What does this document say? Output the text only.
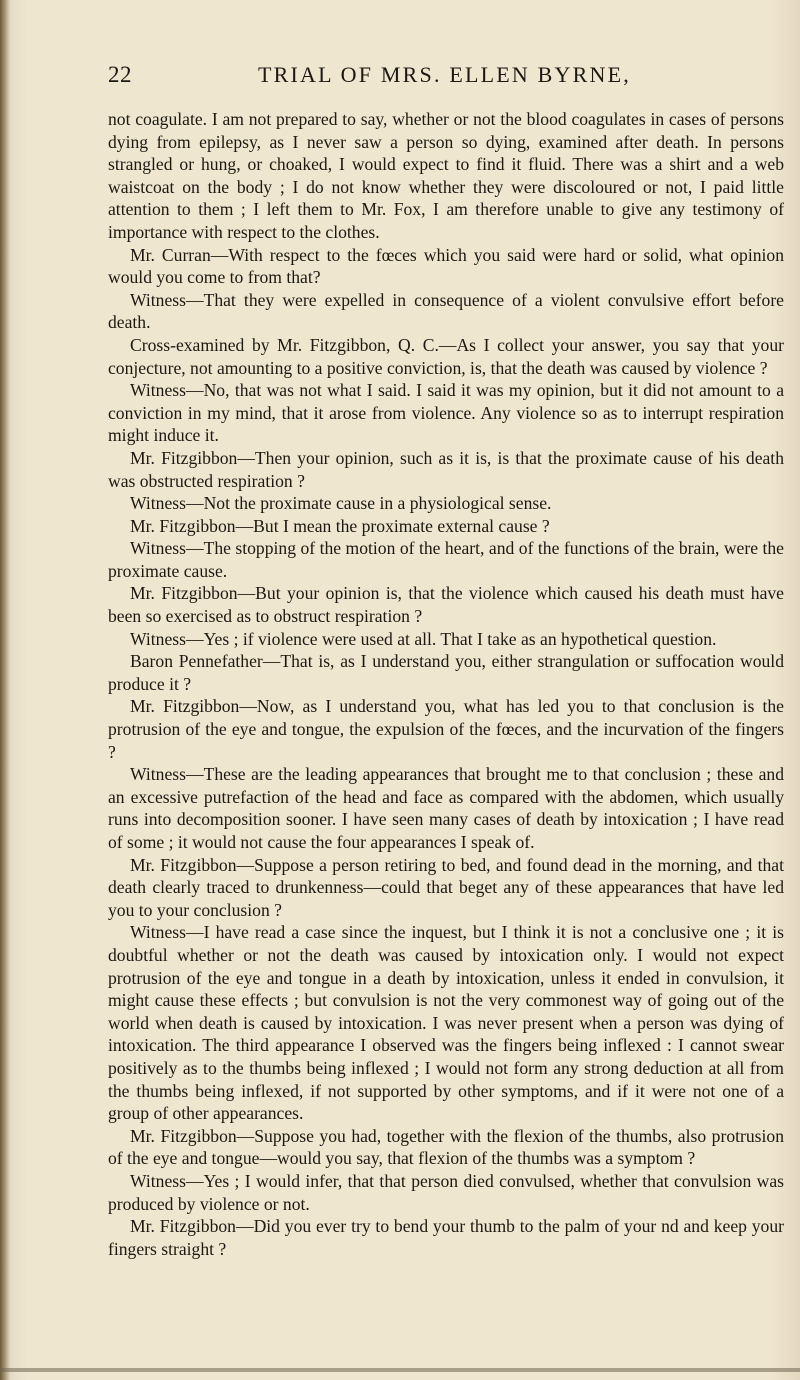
22	TRIAL OF MRS. ELLEN BYRNE,

not coagulate. I am not prepared to say, whether or not the blood coagulates in cases of persons dying from epilepsy, as I never saw a person so dying, examined after death. In persons strangled or hung, or choaked, I would expect to find it fluid. There was a shirt and a web waistcoat on the body ; I do not know whether they were discoloured or not, I paid little attention to them ; I left them to Mr. Fox, I am therefore unable to give any testimony of importance with respect to the clothes.

Mr. Curran—With respect to the fœces which you said were hard or solid, what opinion would you come to from that?

Witness—That they were expelled in consequence of a violent convulsive effort before death.

Cross-examined by Mr. Fitzgibbon, Q. C.—As I collect your answer, you say that your conjecture, not amounting to a positive conviction, is, that the death was caused by violence ?

Witness—No, that was not what I said. I said it was my opinion, but it did not amount to a conviction in my mind, that it arose from violence. Any violence so as to interrupt respiration might induce it.

Mr. Fitzgibbon—Then your opinion, such as it is, is that the proximate cause of his death was obstructed respiration ?

Witness—Not the proximate cause in a physiological sense.

Mr. Fitzgibbon—But I mean the proximate external cause ?

Witness—The stopping of the motion of the heart, and of the functions of the brain, were the proximate cause.

Mr. Fitzgibbon—But your opinion is, that the violence which caused his death must have been so exercised as to obstruct respiration ?

Witness—Yes ; if violence were used at all. That I take as an hypothetical question.

Baron Pennefather—That is, as I understand you, either strangulation or suffocation would produce it ?

Mr. Fitzgibbon—Now, as I understand you, what has led you to that conclusion is the protrusion of the eye and tongue, the expulsion of the fœces, and the incurvation of the fingers ?

Witness—These are the leading appearances that brought me to that conclusion ; these and an excessive putrefaction of the head and face as compared with the abdomen, which usually runs into decomposition sooner. I have seen many cases of death by intoxication ; I have read of some ; it would not cause the four appearances I speak of.

Mr. Fitzgibbon—Suppose a person retiring to bed, and found dead in the morning, and that death clearly traced to drunkenness—could that beget any of these appearances that have led you to your conclusion ?

Witness—I have read a case since the inquest, but I think it is not a conclusive one ; it is doubtful whether or not the death was caused by intoxication only. I would not expect protrusion of the eye and tongue in a death by intoxication, unless it ended in convulsion, it might cause these effects ; but convulsion is not the very commonest way of going out of the world when death is caused by intoxication. I was never present when a person was dying of intoxication. The third appearance I observed was the fingers being inflexed : I cannot swear positively as to the thumbs being inflexed ; I would not form any strong deduction at all from the thumbs being inflexed, if not supported by other symptoms, and if it were not one of a group of other appearances.

Mr. Fitzgibbon—Suppose you had, together with the flexion of the thumbs, also protrusion of the eye and tongue—would you say, that flexion of the thumbs was a symptom ?

Witness—Yes ; I would infer, that that person died convulsed, whether that convulsion was produced by violence or not.

Mr. Fitzgibbon—Did you ever try to bend your thumb to the palm of your nd and keep your fingers straight ?
